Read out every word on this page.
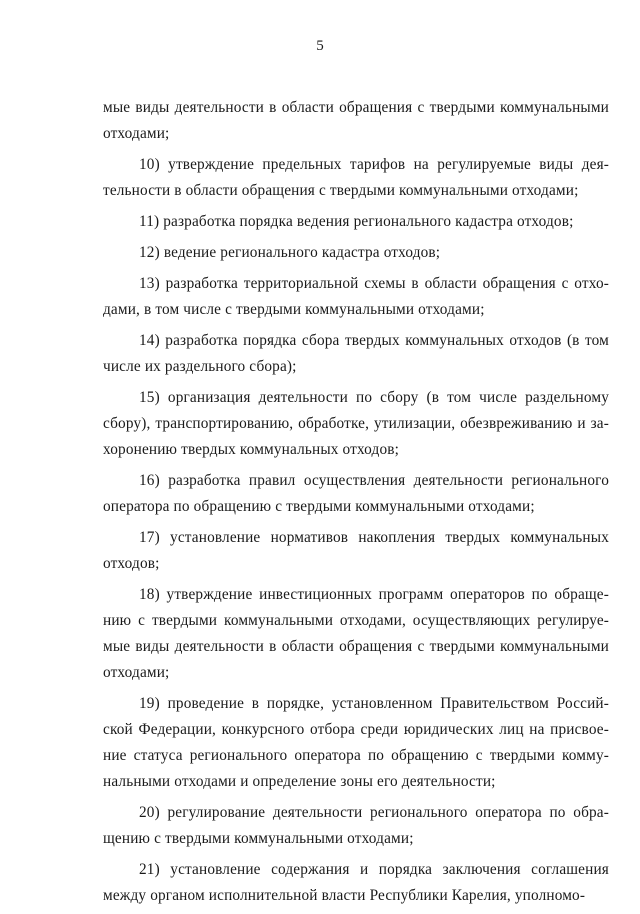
5

мые виды деятельности в области обращения с твердыми коммунальными
отходами;

10) утверждение предельных тарифов на регулируемые виды дея-
тельности в области обращения с твердыми коммунальными отходами;

11) разработка порядка ведения регионального кадастра отходов;

12) ведение регионального кадастра отходов;

13) разработка территориальной схемы в области обращения с отхо-
дами, в том числе с твердыми коммунальными отходами;

14) разработка порядка сбора твердых коммунальных отходов (в том
числе их раздельного сбора);

15) организация деятельности по сбору (в том числе раздельному
сбору), транспортированию, обработке, утилизации, обезвреживанию и за-
хоронению твердых коммунальных отходов;

16) разработка правил осуществления деятельности регионального
оператора по обращению с твердыми коммунальными отходами;

17) установление нормативов накопления твердых коммунальных
отходов;

18) утверждение инвестиционных программ операторов по обраще-
нию с твердыми коммунальными отходами, осуществляющих регулируе-
мые виды деятельности в области обращения с твердыми коммунальными
отходами;

19) проведение в порядке, установленном Правительством Россий-
ской Федерации, конкурсного отбора среди юридических лиц на присвое-
ние статуса регионального оператора по обращению с твердыми комму-
нальными отходами и определение зоны его деятельности;

20) регулирование деятельности регионального оператора по обра-
щению с твердыми коммунальными отходами;

21) установление содержания и порядка заключения соглашения
между органом исполнительной власти Республики Карелия, уполномо-
